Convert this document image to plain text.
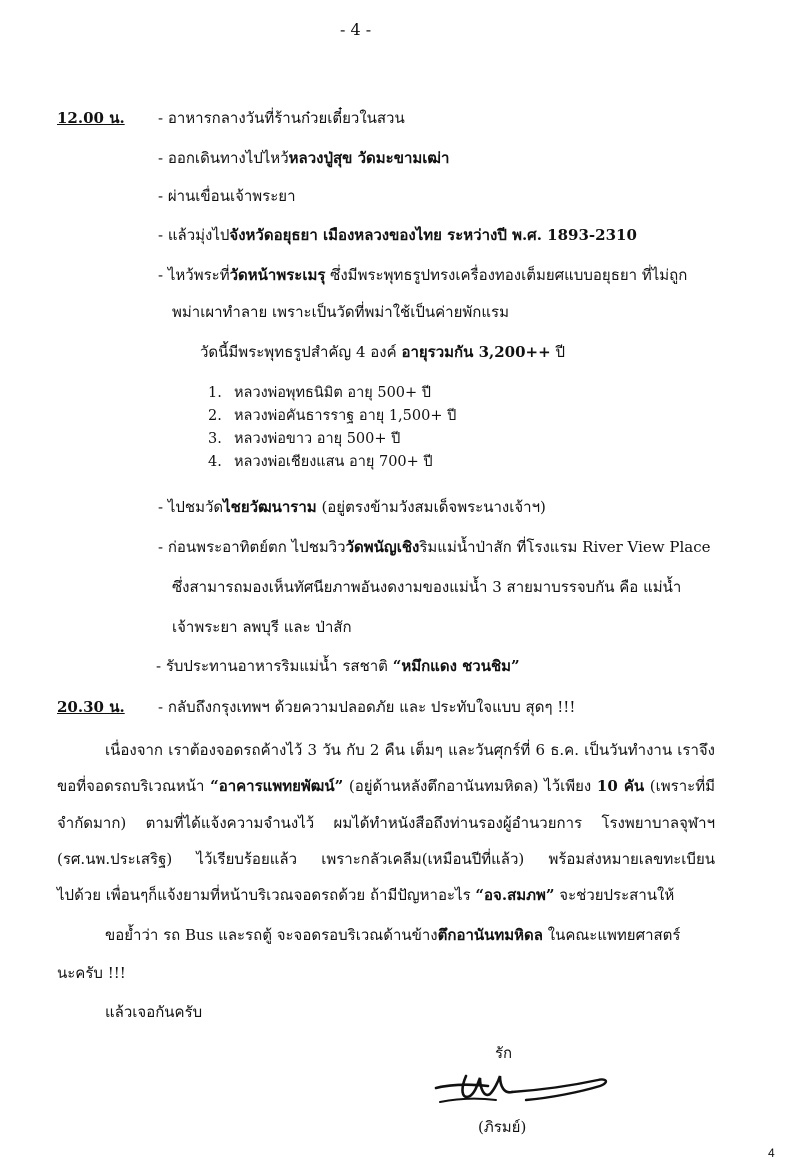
- 4 -
12.00 น. - อาหารกลางวันที่ร้านก๋วยเตี๋ยวในสวน
- ออกเดินทางไปไหว้หลวงปู่สุข วัดมะขามเฒ่า
- ผ่านเขื่อนเจ้าพระยา
- แล้วมุ่งไปจังหวัดอยุธยา เมืองหลวงของไทย ระหว่างปี พ.ศ. 1893-2310
- ไหว้พระที่วัดหน้าพระเมรุ ซึ่งมีพระพุทธรูปทรงเครื่องทองเต็มยศแบบอยุธยา ที่ไม่ถูก
พม่าเผาทำลาย เพราะเป็นวัดที่พม่าใช้เป็นค่ายพักแรม
วัดนี้มีพระพุทธรูปสำคัญ 4 องค์ อายุรวมกัน 3,200++ ปี
1. หลวงพ่อพุทธนิมิต อายุ 500+ ปี
2. หลวงพ่อคันธารราฐ อายุ 1,500+ ปี
3. หลวงพ่อขาว อายุ 500+ ปี
4. หลวงพ่อเชียงแสน อายุ 700+ ปี
- ไปชมวัดไชยวัฒนาราม (อยู่ตรงข้ามวังสมเด็จพระนางเจ้าฯ)
- ก่อนพระอาทิตย์ตก ไปชมวิววัดพนัญเชิงริมแม่น้ำป่าสัก ที่โรงแรม River View Place
ซึ่งสามารถมองเห็นทัศนียภาพอันงดงามของแม่น้ำ 3 สายมาบรรจบกัน คือ แม่น้ำ
เจ้าพระยา ลพบุรี และ ป่าสัก
- รับประทานอาหารริมแม่น้ำ รสชาติ “หมึกแดง ชวนชิม”
20.30 น. - กลับถึงกรุงเทพฯ ด้วยความปลอดภัย และ ประทับใจแบบ สุดๆ !!!
เนื่องจาก เราต้องจอดรถค้างไว้ 3 วัน กับ 2 คืน เต็มๆ และวันศุกร์ที่ 6 ธ.ค. เป็นวันทำงาน เราจึง
ขอที่จอดรถบริเวณหน้า “อาคารแพทยพัฒน์” (อยู่ด้านหลังตึกอานันทมหิดล) ไว้เพียง 10 คัน (เพราะที่มี
จำกัดมาก) ตามที่ได้แจ้งความจำนงไว้ ผมได้ทำหนังสือถึงท่านรองผู้อำนวยการ โรงพยาบาลจุฬาฯ
(รศ.นพ.ประเสริฐ) ไว้เรียบร้อยแล้ว เพราะกลัวเคลีม(เหมือนปีที่แล้ว) พร้อมส่งหมายเลขทะเบียน
ไปด้วย เพื่อนๆก็แจ้งยามที่หน้าบริเวณจอดรถด้วย ถ้ามีปัญหาอะไร “อจ.สมภพ” จะช่วยประสานให้
ขอย้ำว่า รถ Bus และรถตู้ จะจอดรอบริเวณด้านข้างตึกอานันทมหิดล ในคณะแพทยศาสตร์
นะครับ !!!
แล้วเจอกันครับ
รัก
(ภิรมย์)
4
